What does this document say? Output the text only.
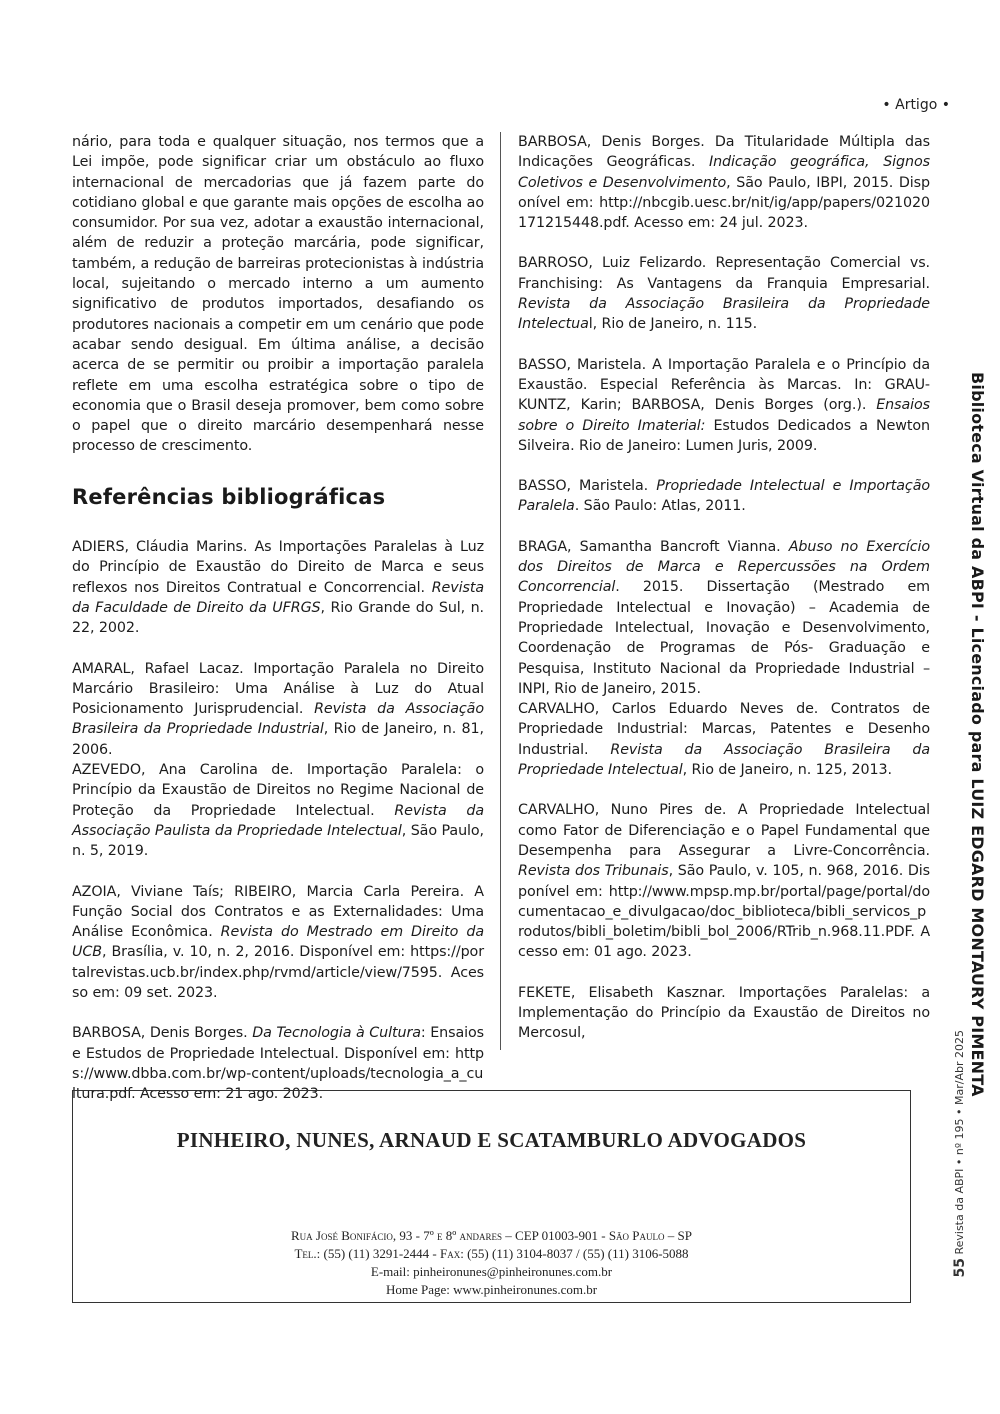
• Artigo •

nário, para toda e qualquer situação, nos termos que a Lei impõe, pode significar criar um obstáculo ao fluxo internacional de mercadorias que já fazem parte do cotidiano global e que garante mais opções de escolha ao consumidor. Por sua vez, adotar a exaustão internacional, além de reduzir a proteção marcária, pode significar, também, a redução de barreiras protecionistas à indústria local, sujeitando o mercado interno a um aumento significativo de produtos importados, desafiando os produtores nacionais a competir em um cenário que pode acabar sendo desigual. Em última análise, a decisão acerca de se permitir ou proibir a importação paralela reflete em uma escolha estratégica sobre o tipo de economia que o Brasil deseja promover, bem como sobre o papel que o direito marcário desempenhará nesse processo de crescimento.

Referências bibliográficas

ADIERS, Cláudia Marins. As Importações Paralelas à Luz do Princípio de Exaustão do Direito de Marca e seus reflexos nos Direitos Contratual e Concorrencial. Revista da Faculdade de Direito da UFRGS, Rio Grande do Sul, n. 22, 2002.

AMARAL, Rafael Lacaz. Importação Paralela no Direito Marcário Brasileiro: Uma Análise à Luz do Atual Posicionamento Jurisprudencial. Revista da Associação Brasileira da Propriedade Industrial, Rio de Janeiro, n. 81, 2006.

AZEVEDO, Ana Carolina de. Importação Paralela: o Princípio da Exaustão de Direitos no Regime Nacional de Proteção da Propriedade Intelectual. Revista da Associação Paulista da Propriedade Intelectual, São Paulo, n. 5, 2019.

AZOIA, Viviane Taís; RIBEIRO, Marcia Carla Pereira. A Função Social dos Contratos e as Externalidades: Uma Análise Econômica. Revista do Mestrado em Direito da UCB, Brasília, v. 10, n. 2, 2016. Disponível em: https://portalrevistas.ucb.br/index.php/rvmd/article/view/7595. Acesso em: 09 set. 2023.

BARBOSA, Denis Borges. Da Tecnologia à Cultura: Ensaios e Estudos de Propriedade Intelectual. Disponível em: https://www.dbba.com.br/wp-content/uploads/tecnologia_a_cultura.pdf. Acesso em: 21 ago. 2023.

BARBOSA, Denis Borges. Da Titularidade Múltipla das Indicações Geográficas. Indicação geográfica, Signos Coletivos e Desenvolvimento, São Paulo, IBPI, 2015. Disponível em: http://nbcgib.uesc.br/nit/ig/app/papers/021020171215448.pdf. Acesso em: 24 jul. 2023.

BARROSO, Luiz Felizardo. Representação Comercial vs. Franchising: As Vantagens da Franquia Empresarial. Revista da Associação Brasileira da Propriedade Intelectual, Rio de Janeiro, n. 115.

BASSO, Maristela. A Importação Paralela e o Princípio da Exaustão. Especial Referência às Marcas. In: GRAU-KUNTZ, Karin; BARBOSA, Denis Borges (org.). Ensaios sobre o Direito Imaterial: Estudos Dedicados a Newton Silveira. Rio de Janeiro: Lumen Juris, 2009.

BASSO, Maristela. Propriedade Intelectual e Importação Paralela. São Paulo: Atlas, 2011.

BRAGA, Samantha Bancroft Vianna. Abuso no Exercício dos Direitos de Marca e Repercussões na Ordem Concorrencial. 2015. Dissertação (Mestrado em Propriedade Intelectual e Inovação) – Academia de Propriedade Intelectual, Inovação e Desenvolvimento, Coordenação de Programas de Pós- Graduação e Pesquisa, Instituto Nacional da Propriedade Industrial – INPI, Rio de Janeiro, 2015.

CARVALHO, Carlos Eduardo Neves de. Contratos de Propriedade Industrial: Marcas, Patentes e Desenho Industrial. Revista da Associação Brasileira da Propriedade Intelectual, Rio de Janeiro, n. 125, 2013.

CARVALHO, Nuno Pires de. A Propriedade Intelectual como Fator de Diferenciação e o Papel Fundamental que Desempenha para Assegurar a Livre-Concorrência. Revista dos Tribunais, São Paulo, v. 105, n. 968, 2016. Disponível em: http://www.mpsp.mp.br/portal/page/portal/documentacao_e_divulgacao/doc_biblioteca/bibli_servicos_produtos/bibli_boletim/bibli_bol_2006/RTrib_n.968.11.PDF. Acesso em: 01 ago. 2023.

FEKETE, Elisabeth Kasznar. Importações Paralelas: a Implementação do Princípio da Exaustão de Direitos no Mercosul,	Biblioteca Virtual da ABPI - Licenciado para LUIZ EDGARD MONTAURY PIMENTA
55 Revista da ABPI • nº 195 • Mar/Abr 2025
PINHEIRO, NUNES, ARNAUD E SCATAMBURLO ADVOGADOS
Rua José Bonifácio, 93 - 7º e 8º andares – CEP 01003-901 - São Paulo – SP
Tel.: (55) (11) 3291-2444 - Fax: (55) (11) 3104-8037 / (55) (11) 3106-5088
E-mail: pinheironunes@pinheironunes.com.br
Home Page: www.pinheironunes.com.br
